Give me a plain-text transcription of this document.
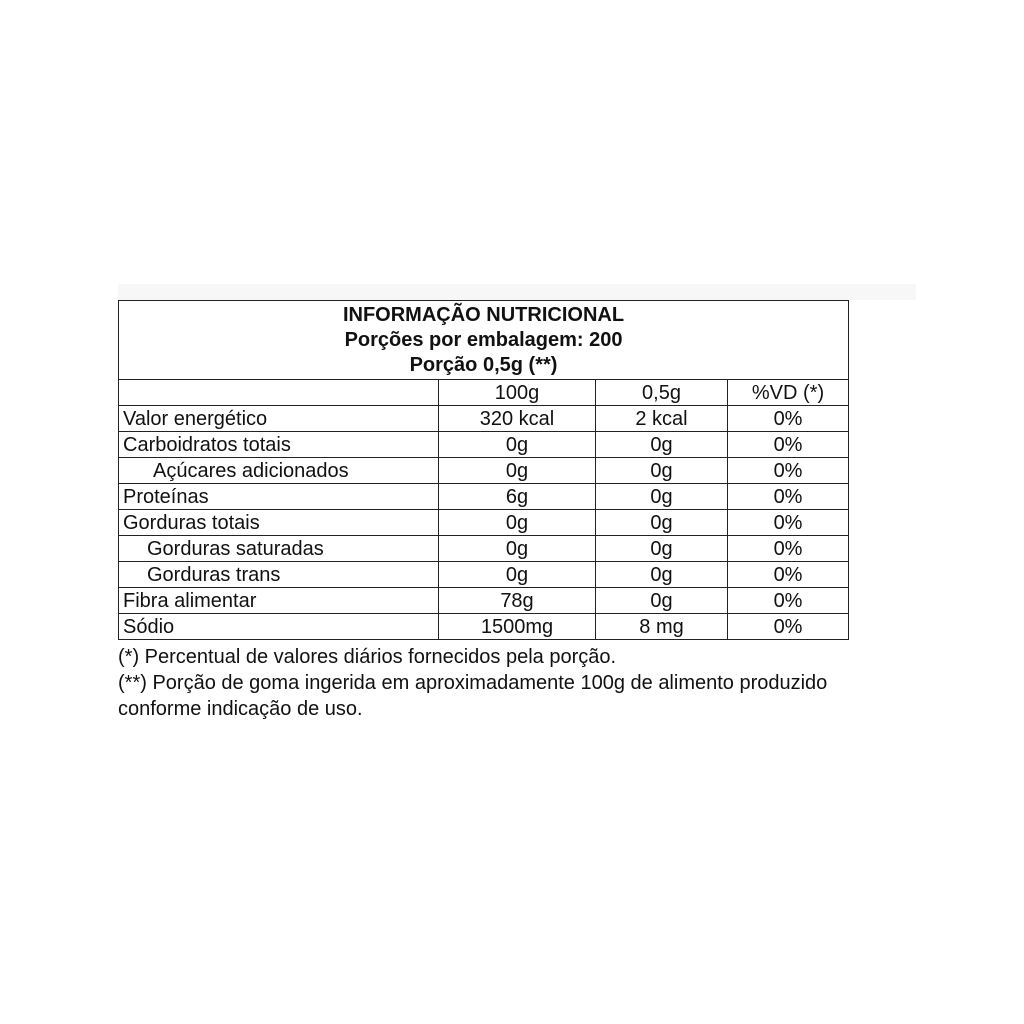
INFORMAÇÃO NUTRICIONAL
Porções por embalagem: 200
Porção 0,5g (**)			

	100g	0,5g	%VD (*)
Valor energético	320 kcal	2 kcal	0%
Carboidratos totais	0g	0g	0%
Açúcares adicionados	0g	0g	0%
Proteínas	6g	0g	0%
Gorduras totais	0g	0g	0%
Gorduras saturadas	0g	0g	0%
Gorduras trans	0g	0g	0%
Fibra alimentar	78g	0g	0%
Sódio	1500mg	8 mg	0%
(*) Percentual de valores diários fornecidos pela porção.
(**) Porção de goma ingerida em aproximadamente 100g de alimento produzido
conforme indicação de uso.
